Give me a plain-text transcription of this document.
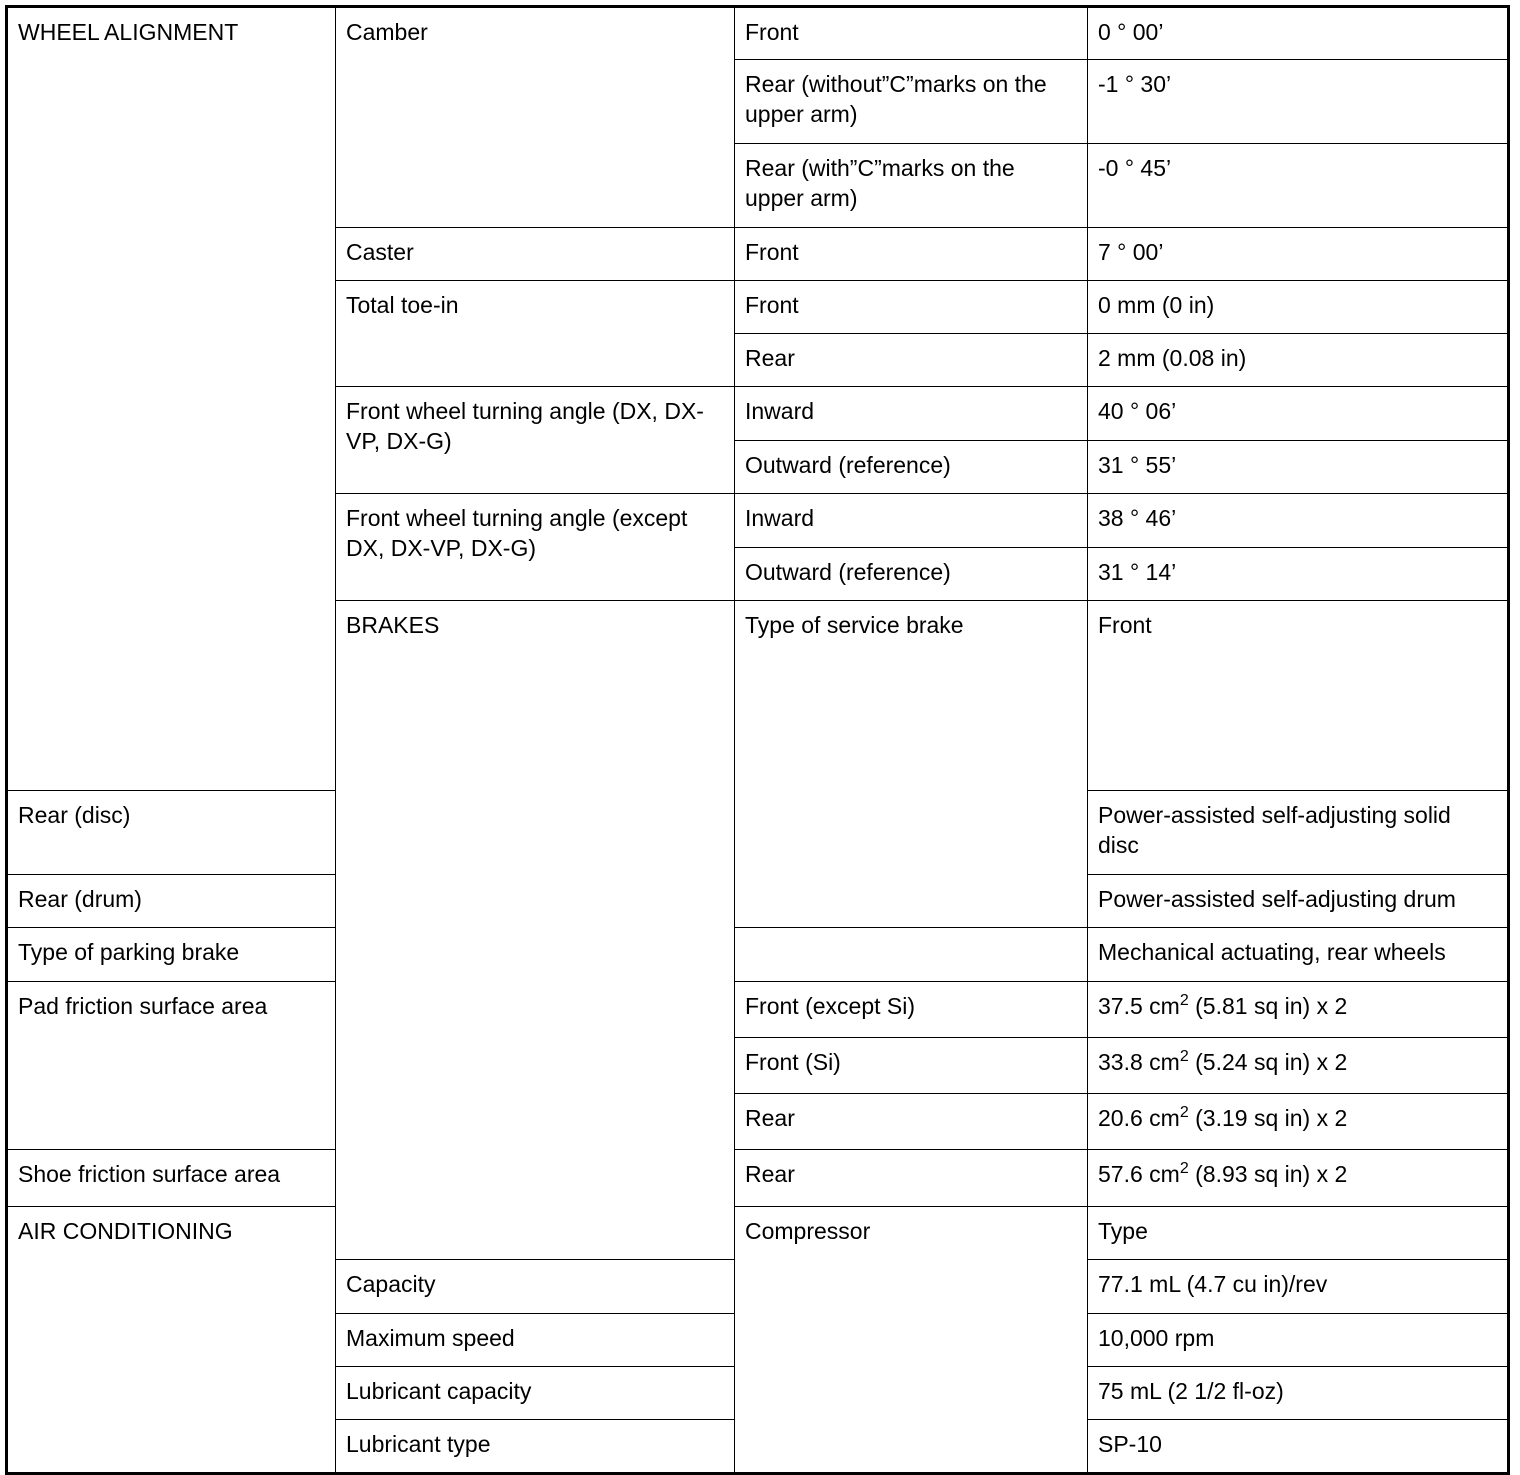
WHEEL ALIGNMENT	Camber	Front	0 ° 00’	
		Rear (without”C”marks on the upper arm)	-1 ° 30’	
		Rear (with”C”marks on the upper arm)	-0 ° 45’	
	Caster	Front	7 ° 00’	
	Total toe-in	Front	0 mm (0 in)	
		Rear	2 mm (0.08 in)	
	Front wheel turning angle (DX, DX-VP, DX-G)	Inward	40 ° 06’	
		Outward (reference)	31 ° 55’	
	Front wheel turning angle (except DX, DX-VP, DX-G)	Inward	38 ° 46’	
		Outward (reference)	31 ° 14’	
	BRAKES	Type of service brake	Front	
Rear (disc)			Power-assisted self-adjusting solid disc	
Rear (drum)			Power-assisted self-adjusting drum	
Type of parking brake			Mechanical actuating, rear wheels	
Pad friction surface area		Front (except Si)	37.5 $cm^2$ (5.81 sq in) x 2	
		Front (Si)	33.8 $cm^2$ (5.24 sq in) x 2	
		Rear	20.6 $cm^2$ (3.19 sq in) x 2	
Shoe friction surface area		Rear	57.6 $cm^2$ (8.93 sq in) x 2	
AIR CONDITIONING		Compressor	Type	
	Capacity		77.1 mL (4.7 cu in)/rev	
	Maximum speed		10,000 rpm	
	Lubricant capacity		75 mL (2 1/2 fl-oz)	
	Lubricant type		SP-10	
